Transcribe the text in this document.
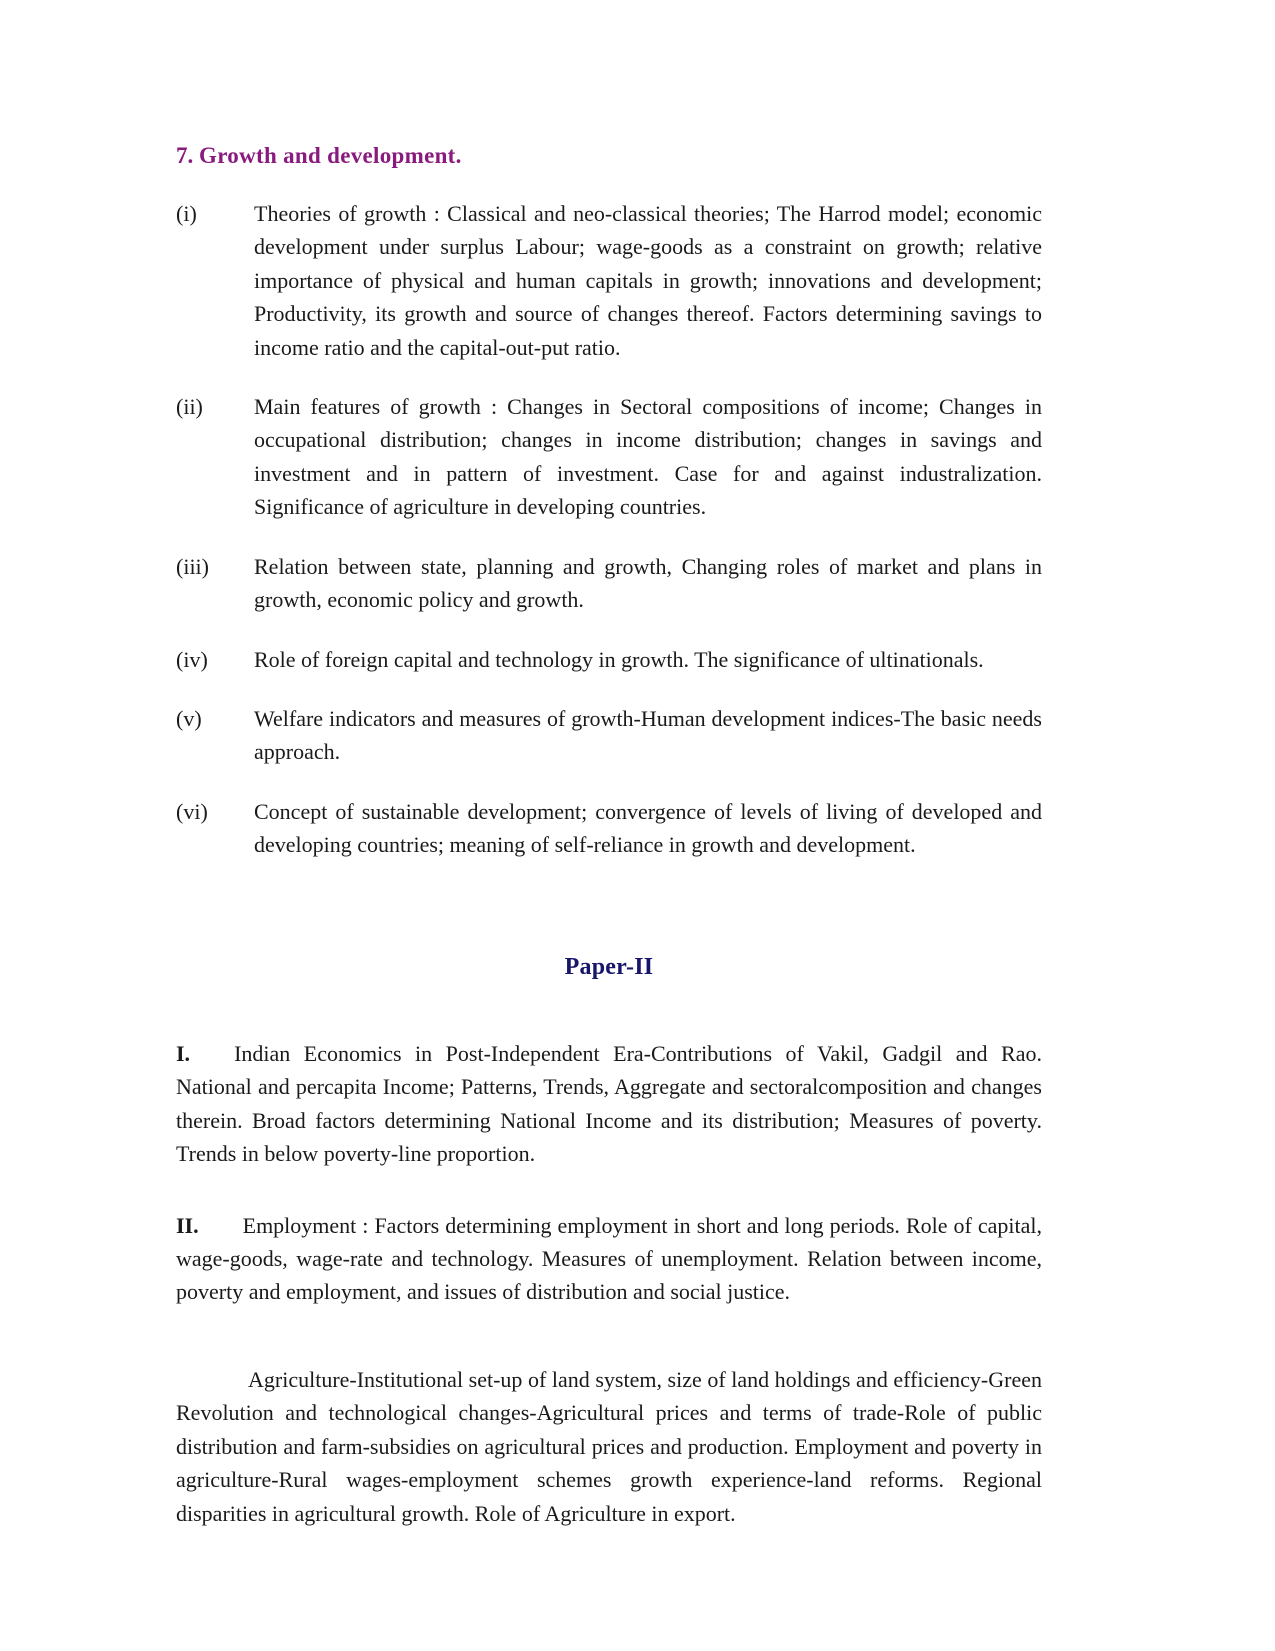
7. Growth and development.
(i)	Theories of growth : Classical and neo-classical theories; The Harrod model; economic development under surplus Labour; wage-goods as a constraint on growth; relative importance of physical and human capitals in growth; innovations and development; Productivity, its growth and source of changes thereof. Factors determining savings to income ratio and the capital-out-put ratio.
(ii)	Main features of growth : Changes in Sectoral compositions of income; Changes in occupational distribution; changes in income distribution; changes in savings and investment and in pattern of investment. Case for and against industralization. Significance of agriculture in developing countries.
(iii)	Relation between state, planning and growth, Changing roles of market and plans in growth, economic policy and growth.
(iv)	Role of foreign capital and technology in growth. The significance of ultinationals.
(v)	Welfare indicators and measures of growth-Human development indices-The basic needs approach.
(vi)	Concept of sustainable development; convergence of levels of living of developed and developing countries; meaning of self-reliance in growth and development.
Paper-II

I. Indian Economics in Post-Independent Era-Contributions of Vakil, Gadgil and Rao. National and percapita Income; Patterns, Trends, Aggregate and sectoralcomposition and changes therein. Broad factors determining National Income and its distribution; Measures of poverty. Trends in below poverty-line proportion.

II. Employment : Factors determining employment in short and long periods. Role of capital, wage-goods, wage-rate and technology. Measures of unemployment. Relation between income, poverty and employment, and issues of distribution and social justice.

Agriculture-Institutional set-up of land system, size of land holdings and efficiency-Green Revolution and technological changes-Agricultural prices and terms of trade-Role of public distribution and farm-subsidies on agricultural prices and production. Employment and poverty in agriculture-Rural wages-employment schemes growth experience-land reforms. Regional disparities in agricultural growth. Role of Agriculture in export.
